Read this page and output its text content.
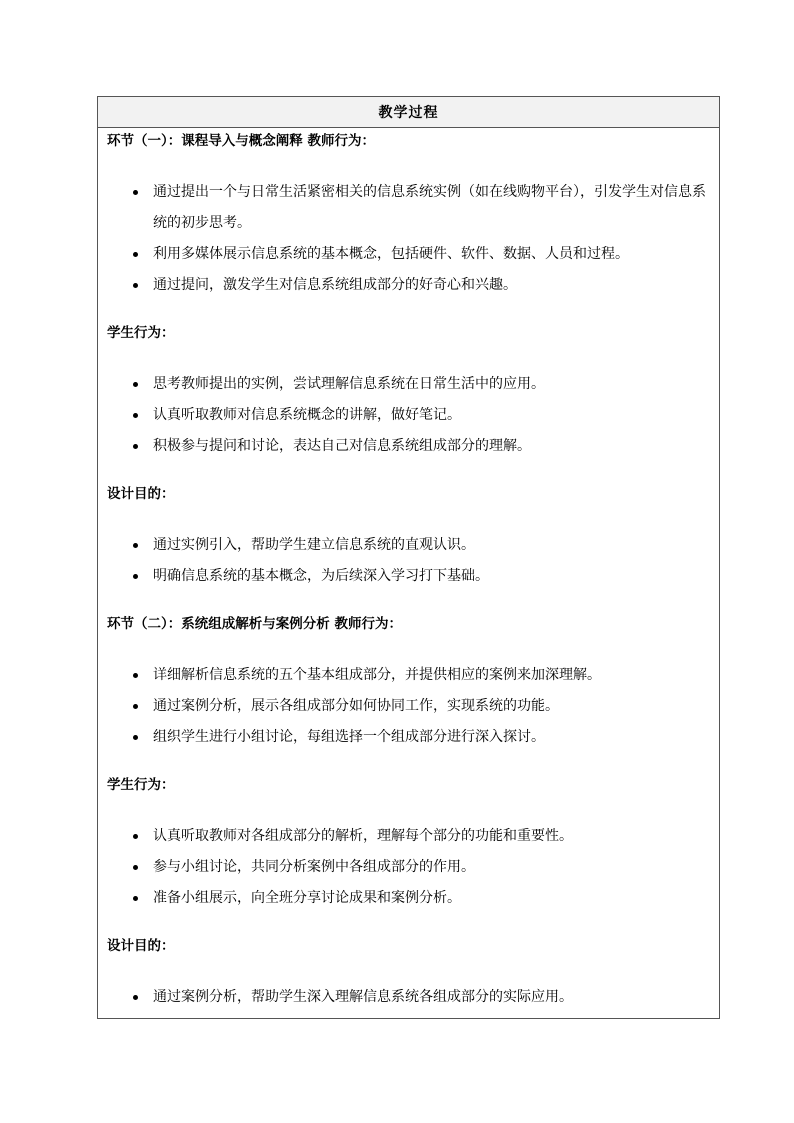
教学过程

环节（一）：课程导入与概念阐释 教师行为：

通过提出一个与日常生活紧密相关的信息系统实例（如在线购物平台），引发学生对信息系统的初步思考。
利用多媒体展示信息系统的基本概念，包括硬件、软件、数据、人员和过程。
通过提问，激发学生对信息系统组成部分的好奇心和兴趣。

学生行为：

思考教师提出的实例，尝试理解信息系统在日常生活中的应用。
认真听取教师对信息系统概念的讲解，做好笔记。
积极参与提问和讨论，表达自己对信息系统组成部分的理解。

设计目的：

通过实例引入，帮助学生建立信息系统的直观认识。
明确信息系统的基本概念，为后续深入学习打下基础。

环节（二）：系统组成解析与案例分析 教师行为：

详细解析信息系统的五个基本组成部分，并提供相应的案例来加深理解。
通过案例分析，展示各组成部分如何协同工作，实现系统的功能。
组织学生进行小组讨论，每组选择一个组成部分进行深入探讨。

学生行为：

认真听取教师对各组成部分的解析，理解每个部分的功能和重要性。
参与小组讨论，共同分析案例中各组成部分的作用。
准备小组展示，向全班分享讨论成果和案例分析。

设计目的：

通过案例分析，帮助学生深入理解信息系统各组成部分的实际应用。
